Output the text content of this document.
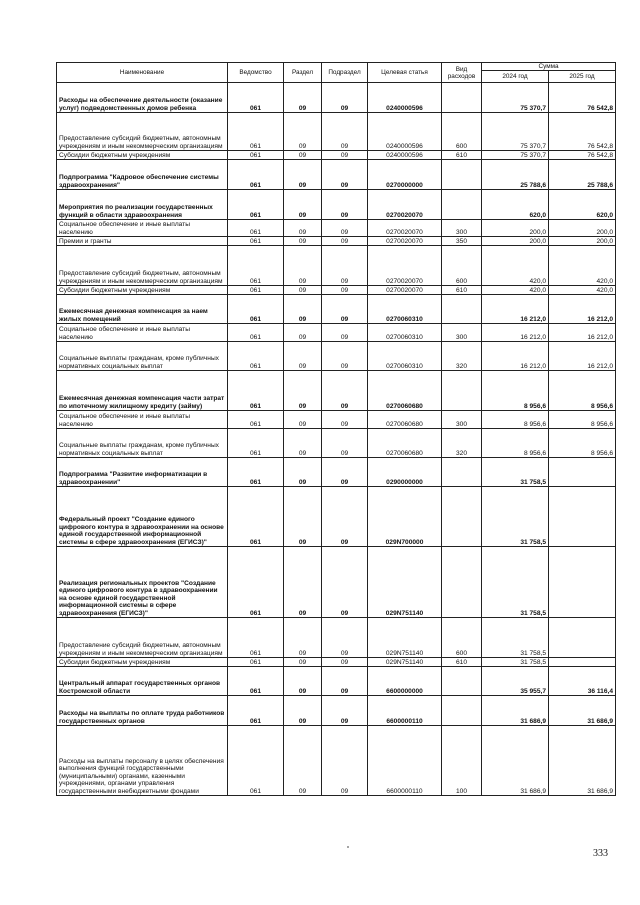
Наименование	Ведомство	Раздел	Подраздел	Целевая статья	Вид расходов	Сумма	
						2024 год	2025 год
Расходы на обеспечение деятельности (оказание услуг) подведомственных домов ребенка	061	09	09	0240000596		75 370,7	76 542,8
Предоставление субсидий бюджетным, автономным учреждениям и иным некоммерческим организациям	061	09	09	0240000596	600	75 370,7	76 542,8
Субсидии бюджетным учреждениям	061	09	09	0240000596	610	75 370,7	76 542,8
Подпрограмма "Кадровое обеспечение системы здравоохранения"	061	09	09	0270000000		25 788,6	25 788,6
Мероприятия по реализации государственных функций в области здравоохранения	061	09	09	0270020070		620,0	620,0
Социальное обеспечение и иные выплаты населению	061	09	09	0270020070	300	200,0	200,0
Премии и гранты	061	09	09	0270020070	350	200,0	200,0
Предоставление субсидий бюджетным, автономным учреждениям и иным некоммерческим организациям	061	09	09	0270020070	600	420,0	420,0
Субсидии бюджетным учреждениям	061	09	09	0270020070	610	420,0	420,0
Ежемесячная денежная компенсация за наем жилых помещений	061	09	09	0270060310		16 212,0	16 212,0
Социальное обеспечение и иные выплаты населению	061	09	09	0270060310	300	16 212,0	16 212,0
Социальные выплаты гражданам, кроме публичных нормативных социальных выплат	061	09	09	0270060310	320	16 212,0	16 212,0
Ежемесячная денежная компенсация части затрат по ипотечному жилищному кредиту (займу)	061	09	09	0270060680		8 956,6	8 956,6
Социальное обеспечение и иные выплаты населению	061	09	09	0270060680	300	8 956,6	8 956,6
Социальные выплаты гражданам, кроме публичных нормативных социальных выплат	061	09	09	0270060680	320	8 956,6	8 956,6
Подпрограмма "Развитие информатизации в здравоохранении"	061	09	09	0290000000		31 758,5	
Федеральный проект "Создание единого цифрового контура в здравоохранении на основе единой государственной информационной системы в сфере здравоохранения (ЕГИСЗ)"	061	09	09	029N700000		31 758,5	
Реализация региональных проектов "Создание единого цифрового контура в здравоохранении на основе единой государственной информационной системы в сфере здравоохранения (ЕГИСЗ)"	061	09	09	029N751140		31 758,5	
Предоставление субсидий бюджетным, автономным учреждениям и иным некоммерческим организациям	061	09	09	029N751140	600	31 758,5	
Субсидии бюджетным учреждениям	061	09	09	029N751140	610	31 758,5	
Центральный аппарат государственных органов Костромской области	061	09	09	6600000000		35 955,7	36 116,4
Расходы на выплаты по оплате труда работников государственных органов	061	09	09	6600000110		31 686,9	31 686,9
Расходы на выплаты персоналу в целях обеспечения выполнения функций государственными (муниципальными) органами, казенными учреждениями, органами управления государственными внебюджетными фондами	061	09	09	6600000110	100	31 686,9	31 686,9
333
